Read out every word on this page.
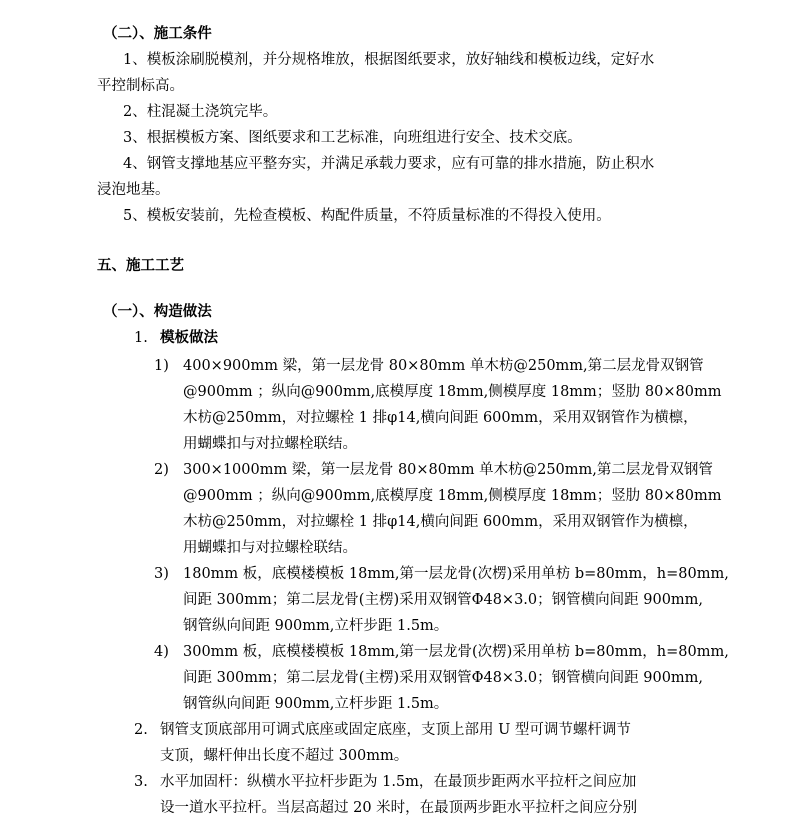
（二）、施工条件
1、模板涂刷脱模剂，并分规格堆放，根据图纸要求，放好轴线和模板边线，定好水
平控制标高。
2、柱混凝土浇筑完毕。
3、根据模板方案、图纸要求和工艺标准，向班组进行安全、技术交底。
4、钢管支撑地基应平整夯实，并满足承载力要求，应有可靠的排水措施，防止积水
浸泡地基。
5、模板安装前，先检查模板、构配件质量，不符质量标准的不得投入使用。
五、施工工艺
（一）、构造做法
1. 模板做法
1) 400×900mm 梁，第一层龙骨 80×80mm 单木枋@250mm,第二层龙骨双钢管
@900mm ；纵向@900mm,底模厚度 18mm,侧模厚度 18mm；竖肋 80×80mm
木枋@250mm，对拉螺栓 1 排φ14,横向间距 600mm，采用双钢管作为横檩，
用蝴蝶扣与对拉螺栓联结。
2) 300×1000mm 梁，第一层龙骨 80×80mm 单木枋@250mm,第二层龙骨双钢管
@900mm ；纵向@900mm,底模厚度 18mm,侧模厚度 18mm；竖肋 80×80mm
木枋@250mm，对拉螺栓 1 排φ14,横向间距 600mm，采用双钢管作为横檩，
用蝴蝶扣与对拉螺栓联结。
3) 180mm 板，底模楼模板 18mm,第一层龙骨(次楞)采用单枋 b=80mm，h=80mm,
间距 300mm；第二层龙骨(主楞)采用双钢管Φ48×3.0；钢管横向间距 900mm,
钢管纵向间距 900mm,立杆步距 1.5m。
4) 300mm 板，底模楼模板 18mm,第一层龙骨(次楞)采用单枋 b=80mm，h=80mm,
间距 300mm；第二层龙骨(主楞)采用双钢管Φ48×3.0；钢管横向间距 900mm,
钢管纵向间距 900mm,立杆步距 1.5m。
2. 钢管支顶底部用可调式底座或固定底座，支顶上部用 U 型可调节螺杆调节
支顶，螺杆伸出长度不超过 300mm。
3. 水平加固杆：纵横水平拉杆步距为 1.5m，在最顶步距两水平拉杆之间应加
设一道水平拉杆。当层高超过 20 米时，在最顶两步距水平拉杆之间应分别
